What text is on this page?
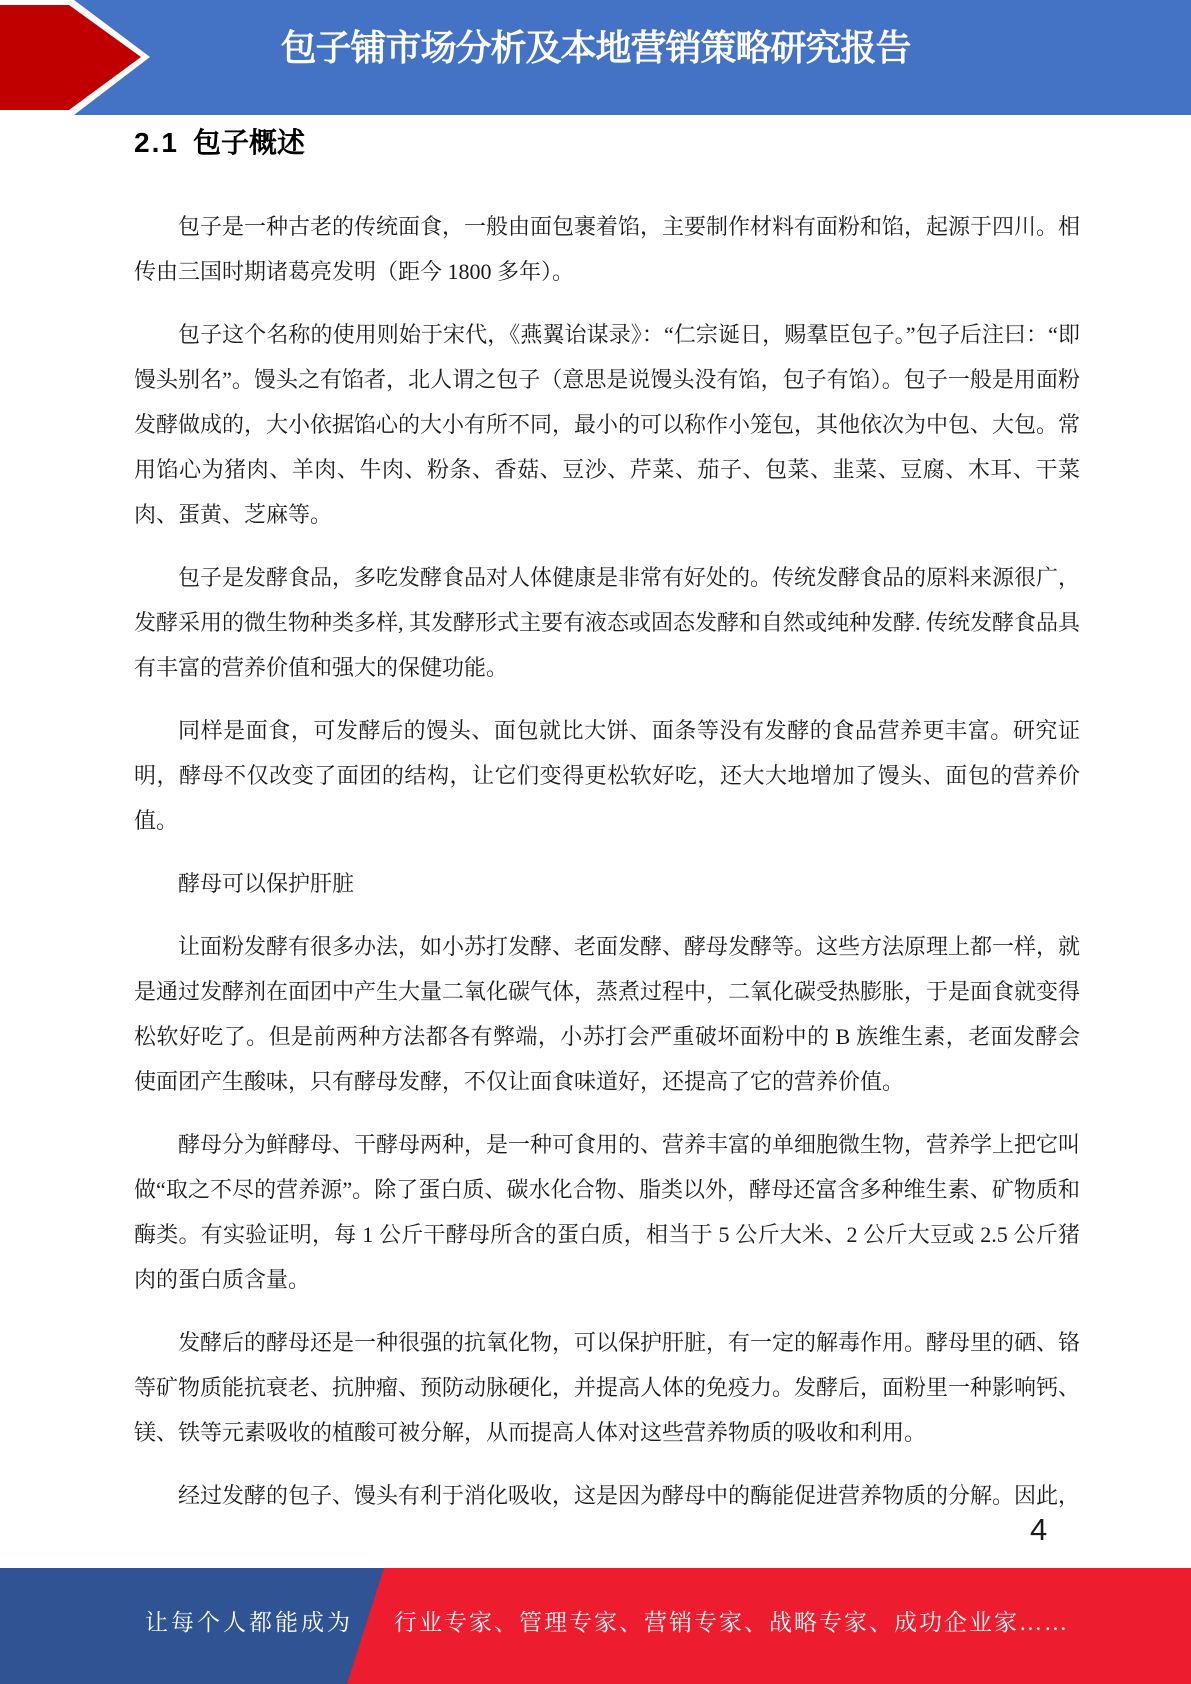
包子铺市场分析及本地营销策略研究报告
2.1 包子概述

包子是一种古老的传统面食，一般由面包裹着馅，主要制作材料有面粉和馅，起源于四川。相传由三国时期诸葛亮发明（距今 1800 多年）。

包子这个名称的使用则始于宋代，《燕翼诒谋录》：“仁宗诞日，赐羣臣包子。”包子后注曰：“即馒头别名”。馒头之有馅者，北人谓之包子（意思是说馒头没有馅，包子有馅）。包子一般是用面粉发酵做成的，大小依据馅心的大小有所不同，最小的可以称作小笼包，其他依次为中包、大包。常用馅心为猪肉、羊肉、牛肉、粉条、香菇、豆沙、芹菜、茄子、包菜、韭菜、豆腐、木耳、干菜肉、蛋黄、芝麻等。

包子是发酵食品，多吃发酵食品对人体健康是非常有好处的。传统发酵食品的原料来源很广，发酵采用的微生物种类多样, 其发酵形式主要有液态或固态发酵和自然或纯种发酵. 传统发酵食品具有丰富的营养价值和强大的保健功能。

同样是面食，可发酵后的馒头、面包就比大饼、面条等没有发酵的食品营养更丰富。研究证明，酵母不仅改变了面团的结构，让它们变得更松软好吃，还大大地增加了馒头、面包的营养价值。

酵母可以保护肝脏

让面粉发酵有很多办法，如小苏打发酵、老面发酵、酵母发酵等。这些方法原理上都一样，就是通过发酵剂在面团中产生大量二氧化碳气体，蒸煮过程中，二氧化碳受热膨胀，于是面食就变得松软好吃了。但是前两种方法都各有弊端，小苏打会严重破坏面粉中的 B 族维生素，老面发酵会使面团产生酸味，只有酵母发酵，不仅让面食味道好，还提高了它的营养价值。

酵母分为鲜酵母、干酵母两种，是一种可食用的、营养丰富的单细胞微生物，营养学上把它叫做“取之不尽的营养源”。除了蛋白质、碳水化合物、脂类以外，酵母还富含多种维生素、矿物质和酶类。有实验证明，每 1 公斤干酵母所含的蛋白质，相当于 5 公斤大米、2 公斤大豆或 2.5 公斤猪肉的蛋白质含量。

发酵后的酵母还是一种很强的抗氧化物，可以保护肝脏，有一定的解毒作用。酵母里的硒、铬等矿物质能抗衰老、抗肿瘤、预防动脉硬化，并提高人体的免疫力。发酵后，面粉里一种影响钙、镁、铁等元素吸收的植酸可被分解，从而提高人体对这些营养物质的吸收和利用。

经过发酵的包子、馒头有利于消化吸收，这是因为酵母中的酶能促进营养物质的分解。因此，

4
让每个人都能成为 行业专家、管理专家、营销专家、战略专家、成功企业家……
